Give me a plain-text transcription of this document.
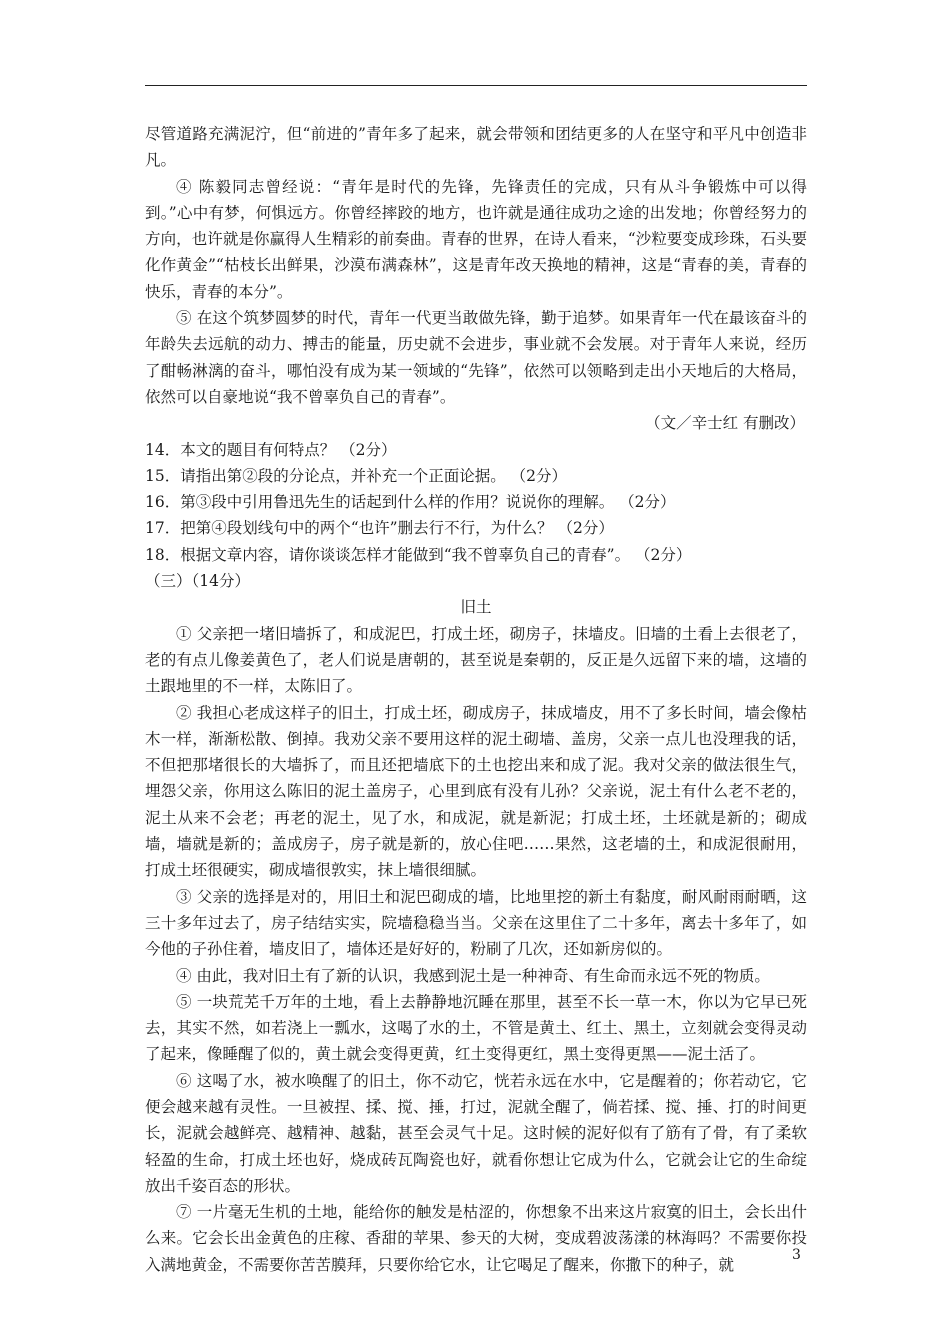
尽管道路充满泥泞，但“前进的”青年多了起来，就会带领和团结更多的人在坚守和平凡中创造非凡。

④ 陈毅同志曾经说：“青年是时代的先锋，先锋责任的完成，只有从斗争锻炼中可以得到。”心中有梦，何惧远方。你曾经摔跤的地方，也许就是通往成功之途的出发地；你曾经努力的方向，也许就是你赢得人生精彩的前奏曲。青春的世界，在诗人看来，“沙粒要变成珍珠，石头要化作黄金”“枯枝长出鲜果，沙漠布满森林”，这是青年改天换地的精神，这是“青春的美，青春的快乐，青春的本分”。

⑤ 在这个筑梦圆梦的时代，青年一代更当敢做先锋，勤于追梦。如果青年一代在最该奋斗的年龄失去远航的动力、搏击的能量，历史就不会进步，事业就不会发展。对于青年人来说，经历了酣畅淋漓的奋斗，哪怕没有成为某一领域的“先锋”，依然可以领略到走出小天地后的大格局，依然可以自豪地说“我不曾辜负自己的青春”。

（文／辛士红 有删改）

14．本文的题目有何特点？ （2分）

15．请指出第②段的分论点，并补充一个正面论据。 （2分）

16．第③段中引用鲁迅先生的话起到什么样的作用？说说你的理解。 （2分）

17．把第④段划线句中的两个“也许”删去行不行，为什么？ （2分）

18．根据文章内容，请你谈谈怎样才能做到“我不曾辜负自己的青春”。 （2分）

（三）（14分）

旧土

① 父亲把一堵旧墙拆了，和成泥巴，打成土坯，砌房子，抹墙皮。旧墙的土看上去很老了，老的有点儿像姜黄色了，老人们说是唐朝的，甚至说是秦朝的，反正是久远留下来的墙，这墙的土跟地里的不一样，太陈旧了。

② 我担心老成这样子的旧土，打成土坯，砌成房子，抹成墙皮，用不了多长时间，墙会像枯木一样，渐渐松散、倒掉。我劝父亲不要用这样的泥土砌墙、盖房，父亲一点儿也没理我的话，不但把那堵很长的大墙拆了，而且还把墙底下的土也挖出来和成了泥。我对父亲的做法很生气，埋怨父亲，你用这么陈旧的泥土盖房子，心里到底有没有儿孙？父亲说，泥土有什么老不老的，泥土从来不会老；再老的泥土，见了水，和成泥，就是新泥；打成土坯，土坯就是新的；砌成墙，墙就是新的；盖成房子，房子就是新的，放心住吧……果然，这老墙的土，和成泥很耐用，打成土坯很硬实，砌成墙很敦实，抹上墙很细腻。

③ 父亲的选择是对的，用旧土和泥巴砌成的墙，比地里挖的新土有黏度，耐风耐雨耐晒，这三十多年过去了，房子结结实实，院墙稳稳当当。父亲在这里住了二十多年，离去十多年了，如今他的子孙住着，墙皮旧了，墙体还是好好的，粉刷了几次，还如新房似的。

④ 由此，我对旧土有了新的认识，我感到泥土是一种神奇、有生命而永远不死的物质。

⑤ 一块荒芜千万年的土地，看上去静静地沉睡在那里，甚至不长一草一木，你以为它早已死去，其实不然，如若浇上一瓢水，这喝了水的土，不管是黄土、红土、黑土，立刻就会变得灵动了起来，像睡醒了似的，黄土就会变得更黄，红土变得更红，黑土变得更黑——泥土活了。

⑥ 这喝了水，被水唤醒了的旧土，你不动它，恍若永远在水中，它是醒着的；你若动它，它便会越来越有灵性。一旦被捏、揉、搅、捶，打过，泥就全醒了，倘若揉、搅、捶、打的时间更长，泥就会越鲜亮、越精神、越黏，甚至会灵气十足。这时候的泥好似有了筋有了骨，有了柔软轻盈的生命，打成土坯也好，烧成砖瓦陶瓷也好，就看你想让它成为什么，它就会让它的生命绽放出千姿百态的形状。

⑦ 一片毫无生机的土地，能给你的触发是枯涩的，你想象不出来这片寂寞的旧土，会长出什么来。它会长出金黄色的庄稼、香甜的苹果、参天的大树，变成碧波荡漾的林海吗？不需要你投入满地黄金，不需要你苦苦膜拜，只要你给它水，让它喝足了醒来，你撒下的种子，就

3
